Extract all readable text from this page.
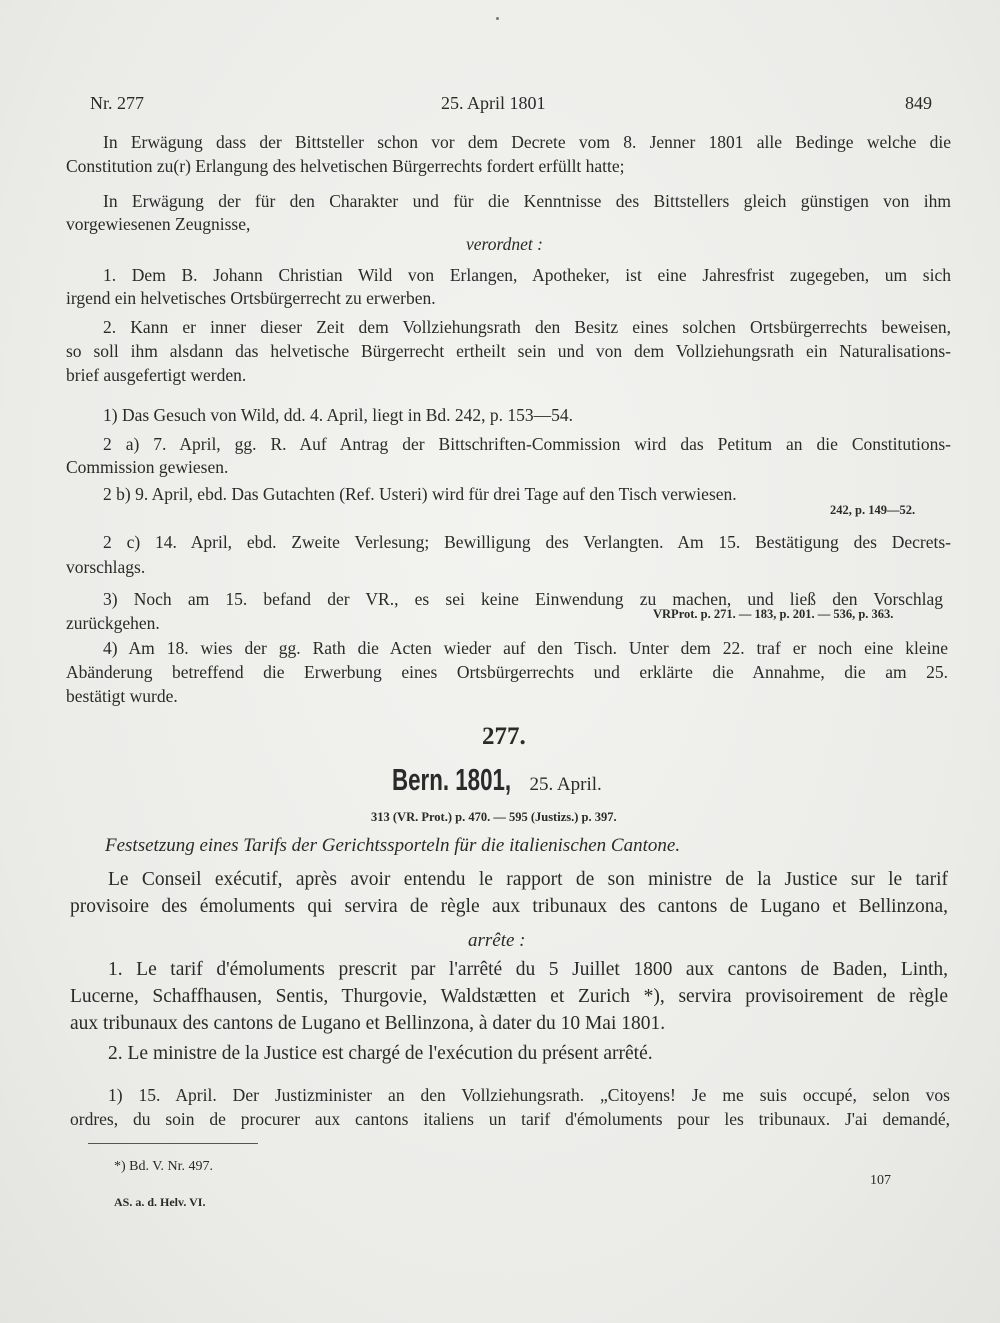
Nr. 277	25. April 1801	849
In Erwägung dass der Bittsteller schon vor dem Decrete vom 8. Jenner 1801 alle Bedinge welche die
Constitution zu(r) Erlangung des helvetischen Bürgerrechts fordert erfüllt hatte;
In Erwägung der für den Charakter und für die Kenntnisse des Bittstellers gleich günstigen von ihm
vorgewiesenen Zeugnisse,
verordnet :
1. Dem B. Johann Christian Wild von Erlangen, Apotheker, ist eine Jahresfrist zugegeben, um sich
irgend ein helvetisches Ortsbürgerrecht zu erwerben.
2. Kann er inner dieser Zeit dem Vollziehungsrath den Besitz eines solchen Ortsbürgerrechts beweisen,
so soll ihm alsdann das helvetische Bürgerrecht ertheilt sein und von dem Vollziehungsrath ein Naturalisations-
brief ausgefertigt werden.
1) Das Gesuch von Wild, dd. 4. April, liegt in Bd. 242, p. 153—54.
2 a) 7. April, gg. R. Auf Antrag der Bittschriften-Commission wird das Petitum an die Constitutions-
Commission gewiesen.
2 b) 9. April, ebd. Das Gutachten (Ref. Usteri) wird für drei Tage auf den Tisch verwiesen.
242, p. 149—52.
2 c) 14. April, ebd. Zweite Verlesung; Bewilligung des Verlangten. Am 15. Bestätigung des Decrets-
vorschlags.
3) Noch am 15. befand der VR., es sei keine Einwendung zu machen, und ließ den Vorschlag
zurückgehen.	VRProt. p. 271. — 183, p. 201. — 536, p. 363.
4) Am 18. wies der gg. Rath die Acten wieder auf den Tisch. Unter dem 22. traf er noch eine kleine
Abänderung betreffend die Erwerbung eines Ortsbürgerrechts und erklärte die Annahme, die am 25.
bestätigt wurde.
277.
Bern. 1801, 25. April.
313 (VR. Prot.) p. 470. — 595 (Justizs.) p. 397.
Festsetzung eines Tarifs der Gerichtssporteln für die italienischen Cantone.
Le Conseil exécutif, après avoir entendu le rapport de son ministre de la Justice sur le tarif
provisoire des émoluments qui servira de règle aux tribunaux des cantons de Lugano et Bellinzona,
arrête :
1. Le tarif d'émoluments prescrit par l'arrêté du 5 Juillet 1800 aux cantons de Baden, Linth,
Lucerne, Schaffhausen, Sentis, Thurgovie, Waldstætten et Zurich *), servira provisoirement de règle
aux tribunaux des cantons de Lugano et Bellinzona, à dater du 10 Mai 1801.
2. Le ministre de la Justice est chargé de l'exécution du présent arrêté.
1) 15. April. Der Justizminister an den Vollziehungsrath. „Citoyens! Je me suis occupé, selon vos
ordres, du soin de procurer aux cantons italiens un tarif d'émoluments pour les tribunaux. J'ai demandé,
*) Bd. V. Nr. 497.
107
AS. a. d. Helv. VI.
